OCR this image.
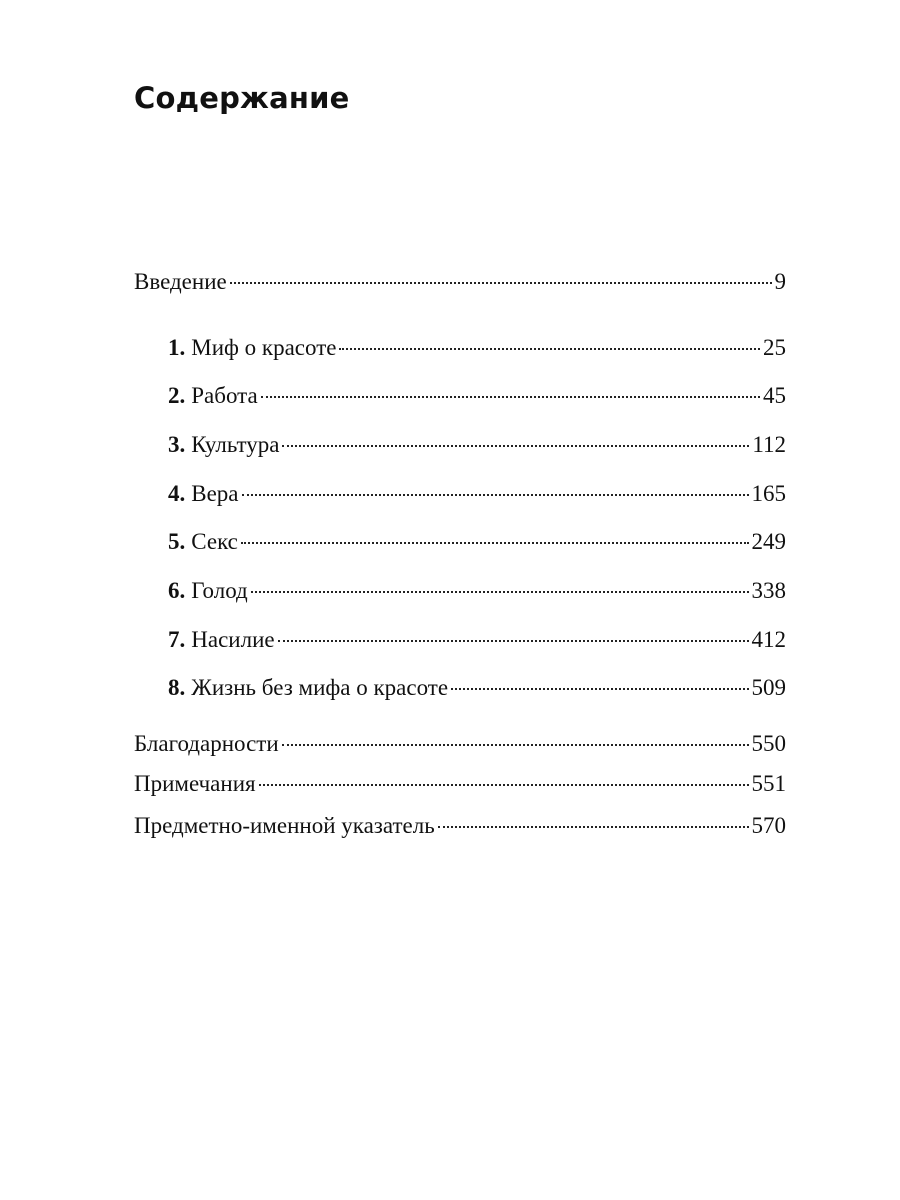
Содержание
Введение	9
1. Миф о красоте	25
2. Работа	45
3. Культура	112
4. Вера	165
5. Секс	249
6. Голод	338
7. Насилие	412
8. Жизнь без мифа о красоте	509
Благодарности	550
Примечания	551
Предметно-именной указатель	570
